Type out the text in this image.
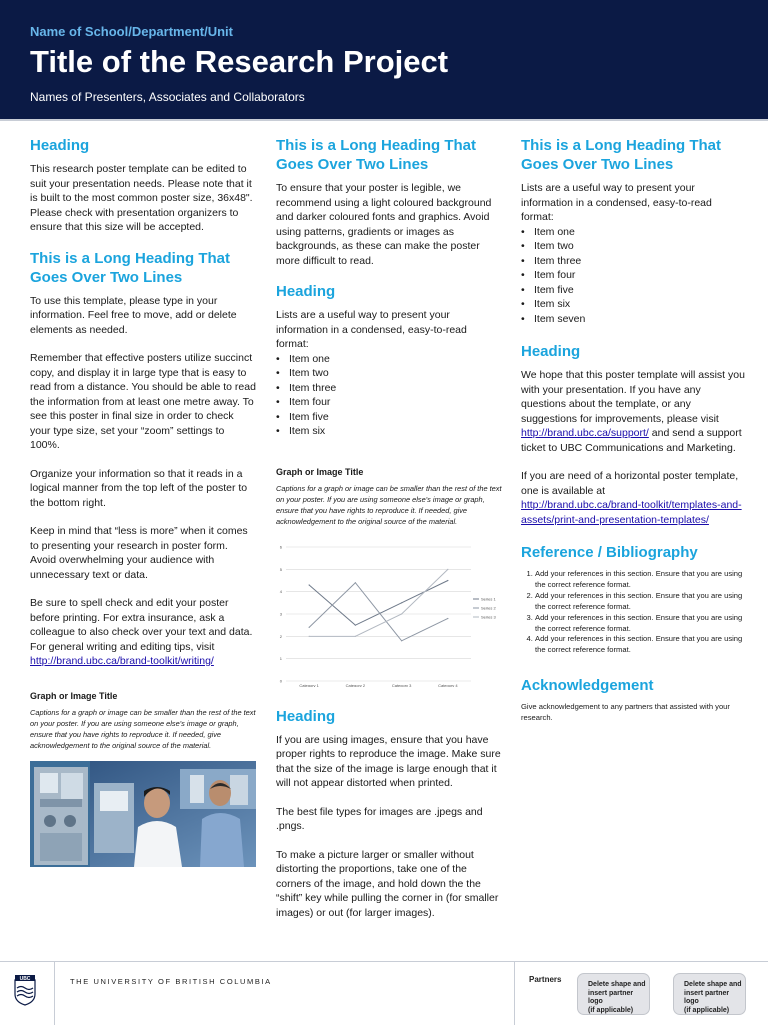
Name of School/Department/Unit
Title of the Research Project
Names of Presenters, Associates and Collaborators
Heading

This research poster template can be edited to suit your presentation needs. Please note that it is built to the most common poster size, 36x48". Please check with presentation organizers to ensure that this size will be accepted.

This is a Long Heading That Goes Over Two Lines

To use this template, please type in your information. Feel free to move, add or delete elements as needed.

Remember that effective posters utilize succinct copy, and display it in large type that is easy to read from a distance. You should be able to read the information from at least one metre away. To see this poster in final size in order to check your type size, set your “zoom” settings to 100%.

Organize your information so that it reads in a logical manner from the top left of the poster to the bottom right.

Keep in mind that “less is more” when it comes to presenting your research in poster form. Avoid overwhelming your audience with unnecessary text or data.

Be sure to spell check and edit your poster before printing. For extra insurance, ask a colleague to also check over your text and data. For general writing and editing tips, visit

http://brand.ubc.ca/brand-toolkit/writing/

Graph or Image Title
Captions for a graph or image can be smaller than the rest of the text on your poster. If you are using someone else’s image or graph, ensure that you have rights to reproduce it. If needed, give acknowledgement to the original source of the material.
This is a Long Heading That Goes Over Two Lines

To ensure that your poster is legible, we recommend using a light coloured background and darker coloured fonts and graphics. Avoid using patterns, gradients or images as backgrounds, as these can make the poster more difficult to read.

Heading

Lists are a useful way to present your information in a condensed, easy-to-read format:

• Item one
• Item two
• Item three
• Item four
• Item five
• Item six
Graph or Image Title
Captions for a graph or image can be smaller than the rest of the text on your poster. If you are using someone else’s image or graph, ensure that you have rights to reproduce it. If needed, give acknowledgement to the original source of the material.
0
1
2
3
4
5
6
Category 1	Category 2	Category 3	Category 4
Series 1
Series 2
Series 3
Heading

If you are using images, ensure that you have proper rights to reproduce the image. Make sure that the size of the image is large enough that it will not appear distorted when printed.

The best file types for images are .jpegs and .pngs.

To make a picture larger or smaller without distorting the proportions, take one of the corners of the image, and hold down the the “shift” key while pulling the corner in (for smaller images) or out (for larger images).

This is a Long Heading That Goes Over Two Lines

Lists are a useful way to present your information in a condensed, easy-to-read format:

• Item one
• Item two
• Item three
• Item four
• Item five
• Item six
• Item seven
Heading

We hope that this poster template will assist you with your presentation. If you have any questions about the template, or any suggestions for improvements, please visit http://brand.ubc.ca/support/ and send a support ticket to UBC Communications and Marketing.

If you are need of a horizontal poster template, one is available at

http://brand.ubc.ca/brand-toolkit/templates-and-assets/print-and-presentation-templates/

Reference / Bibliography
1. Add your references in this section. Ensure that you are using the correct reference format.
2. Add your references in this section. Ensure that you are using the correct reference format.
3. Add your references in this section. Ensure that you are using the correct reference format.
4. Add your references in this section. Ensure that you are using the correct reference format.
Acknowledgement

Give acknowledgement to any partners that assisted with your research.

UBC	THE UNIVERSITY OF BRITISH COLUMBIA	Partners
Delete shape and
insert partner logo
(if applicable)
Delete shape and
insert partner logo
(if applicable)
